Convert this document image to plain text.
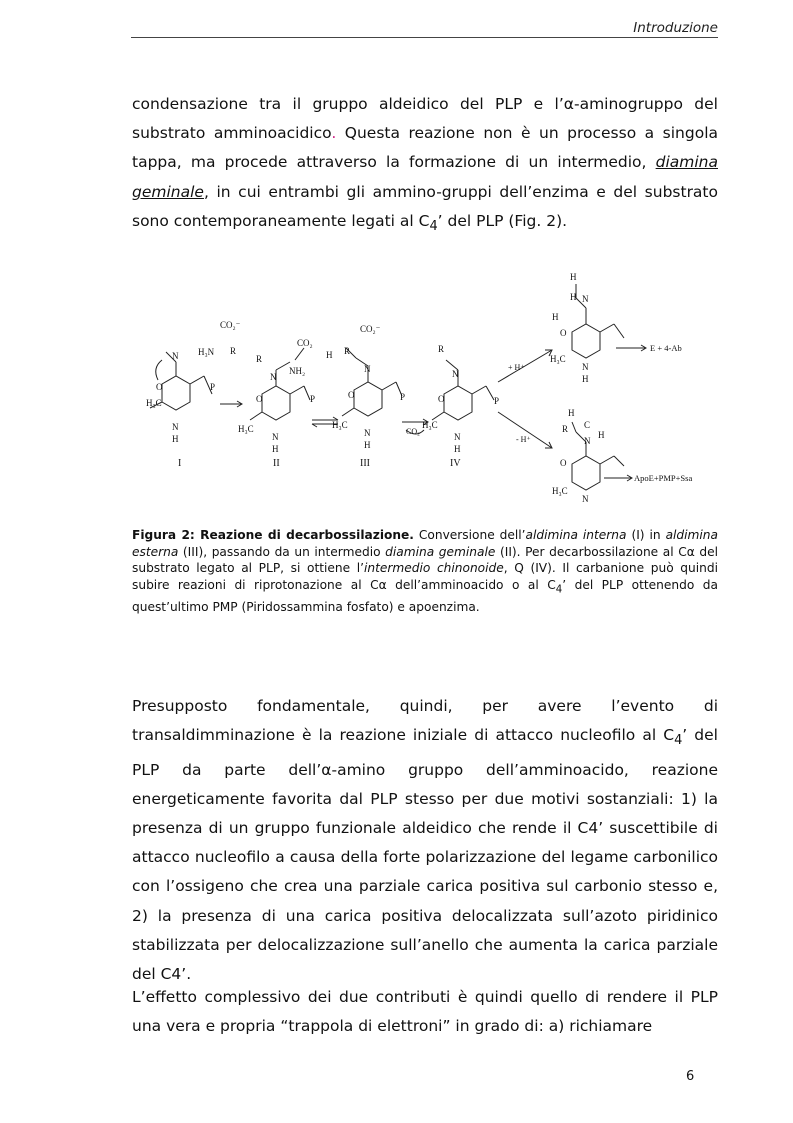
Introduzione

condensazione tra il gruppo aldeidico del PLP e l’α-aminogruppo del substrato amminoacidico. Questa reazione non è un processo a singola tappa, ma procede attraverso la formazione di un intermedio, diamina geminale, in cui entrambi gli ammino-gruppi dell’enzima e del substrato sono contemporaneamente legati al $C_4$’ del PLP (Fig. 2).

H₃C
N
H
N
O	P
H₃N
CO₂⁻
R
I
H₃C
N
H
R
N
NH₂
CO₂
H
O	P
II
H₃C
N
H
R
CO₂⁻
N
O	P
III
CO₂
H₃C
N
H
R
N
O	P
IV
+ H⁺
- H⁺
H
N
H
H
O
H₃C
N
H
E + 4-Ab
H
R C
N
H
O
H₃C
N
ApoE+PMP+Ssa

Figura 2: Reazione di decarbossilazione. Conversione dell’aldimina interna (I) in aldimina esterna (III), passando da un intermedio diamina geminale (II). Per decarbossilazione al Cα del substrato legato al PLP, si ottiene l’intermedio chinonoide, Q (IV). Il carbanione può quindi subire reazioni di riprotonazione al Cα dell’amminoacido o al $C_4$’ del PLP ottenendo da quest’ultimo PMP (Piridossammina fosfato) e apoenzima.

Presupposto fondamentale, quindi, per avere l’evento di transaldimminazione è la reazione iniziale di attacco nucleofilo al $C_4$’ del PLP da parte dell’α-amino gruppo dell’amminoacido, reazione energeticamente favorita dal PLP stesso per due motivi sostanziali: 1) la presenza di un gruppo funzionale aldeidico che rende il C4’ suscettibile di attacco nucleofilo a causa della forte polarizzazione del legame carbonilico con l’ossigeno che crea una parziale carica positiva sul carbonio stesso e, 2) la presenza di una carica positiva delocalizzata sull’azoto piridinico stabilizzata per delocalizzazione sull’anello che aumenta la carica parziale del C4’.

L’effetto complessivo dei due contributi è quindi quello di rendere il PLP una vera e propria “trappola di elettroni” in grado di: a) richiamare

6
